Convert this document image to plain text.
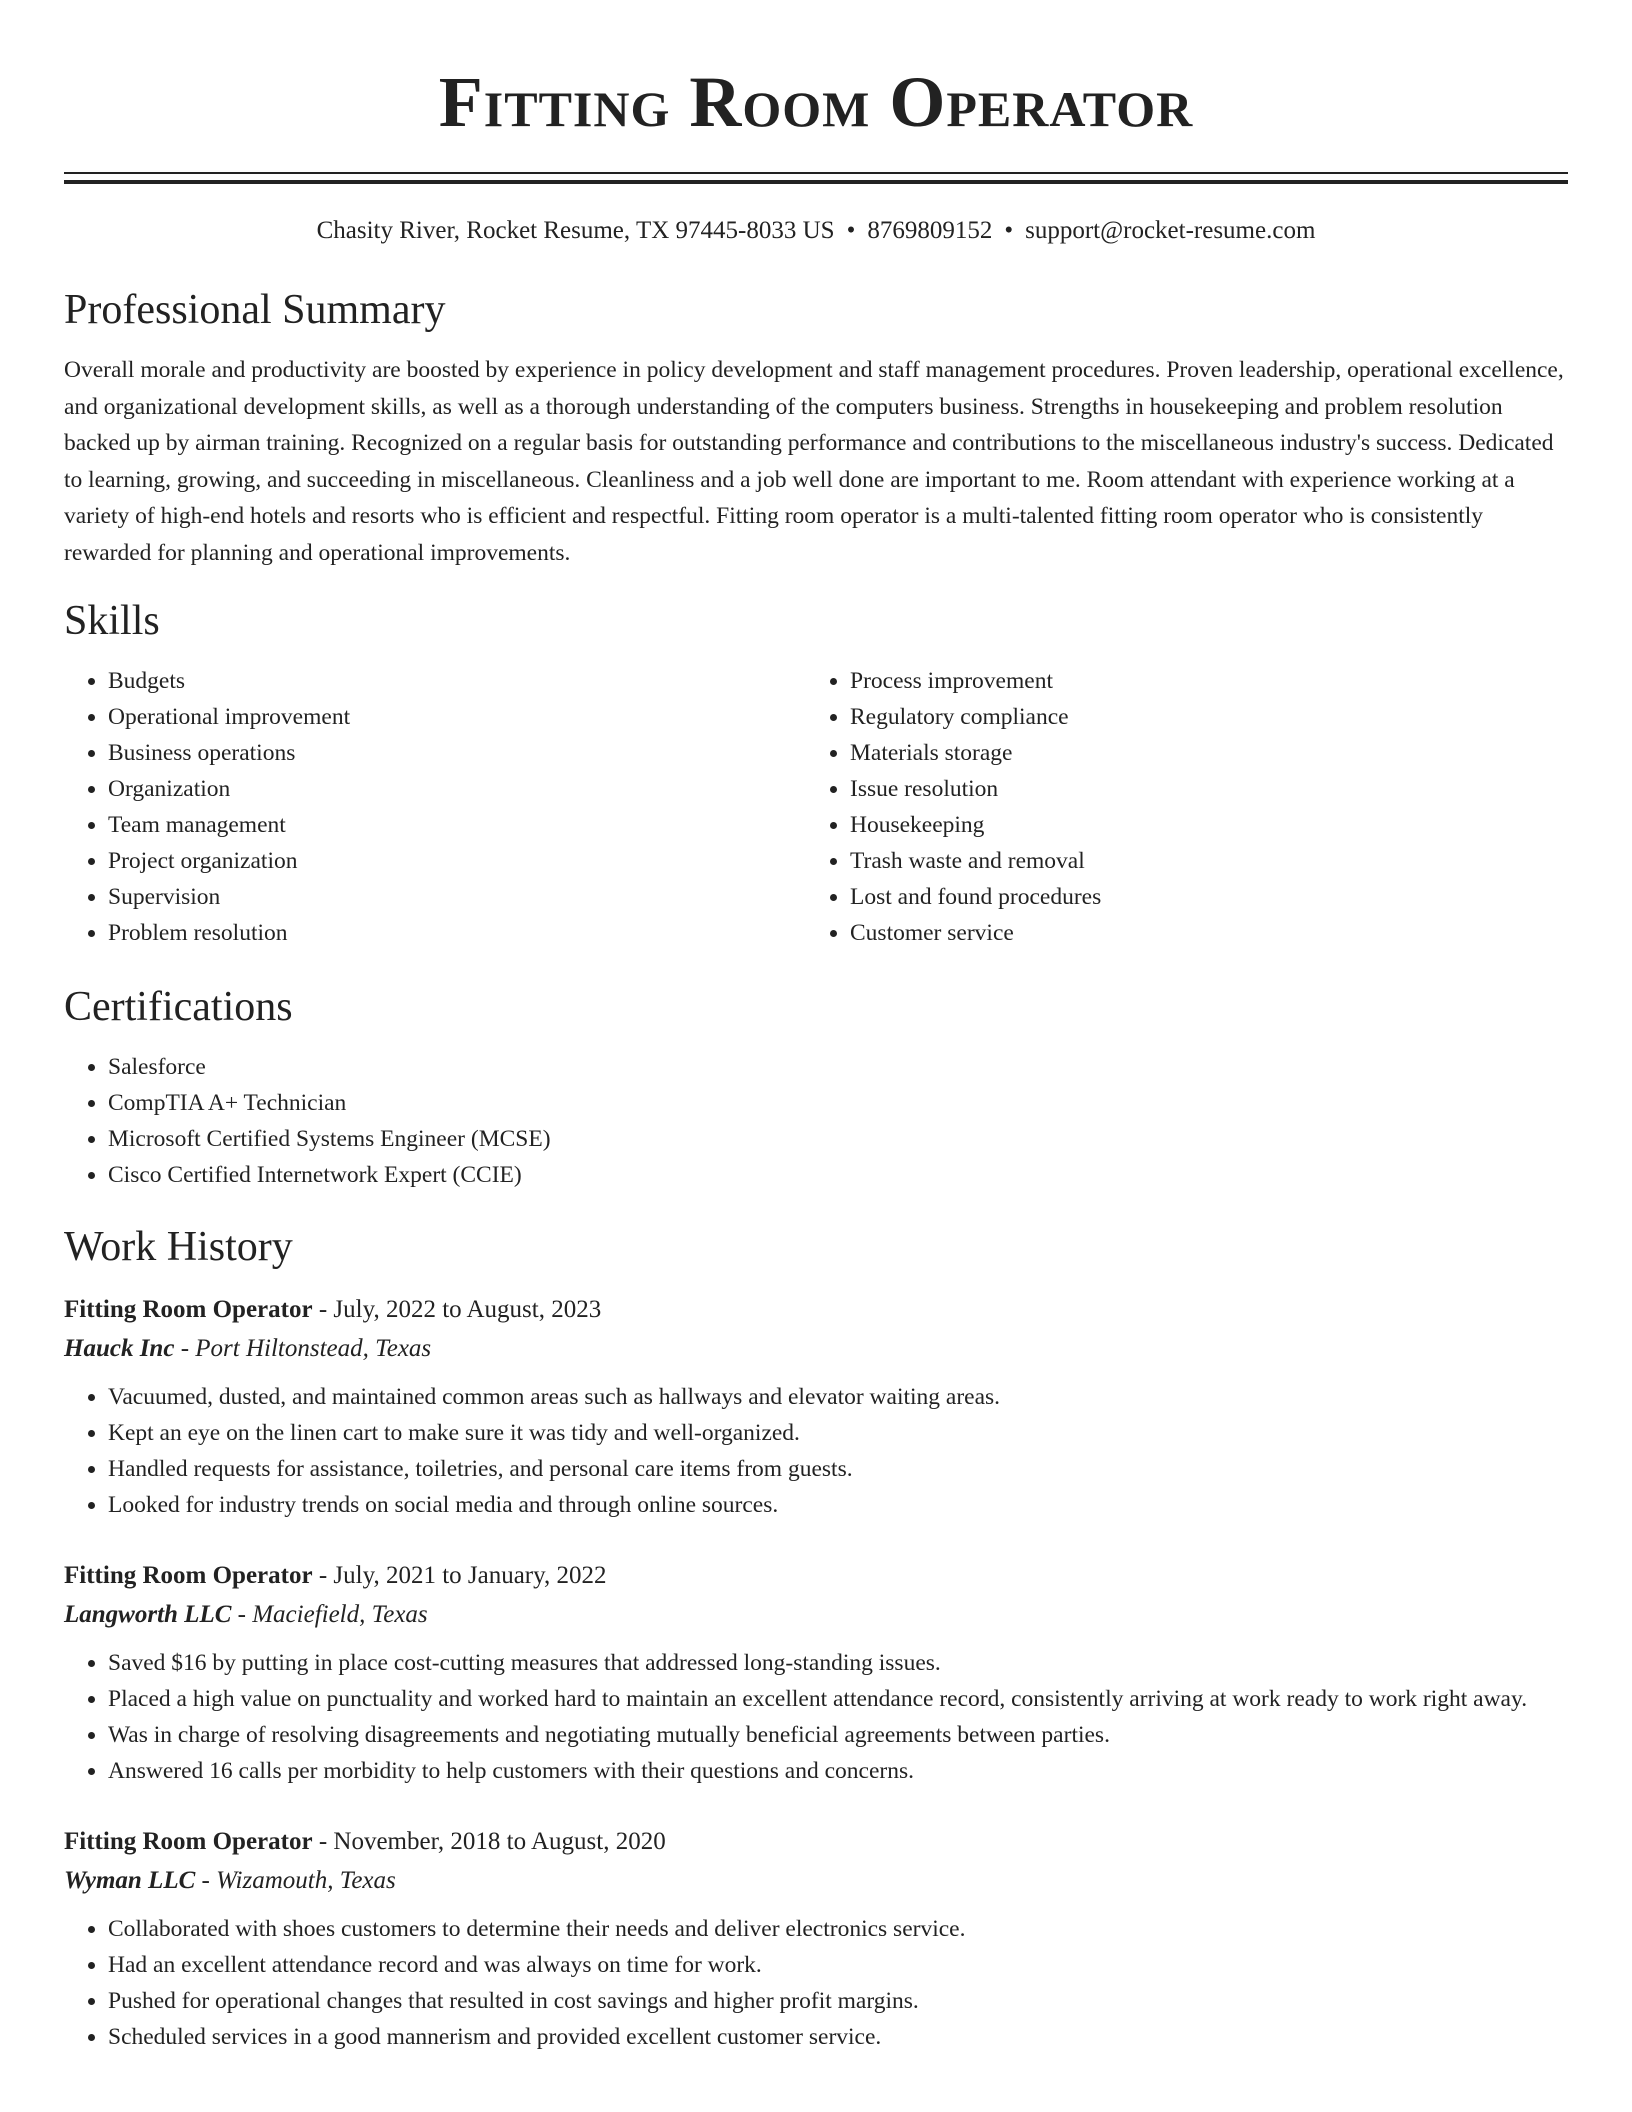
Fitting Room Operator
Chasity River, Rocket Resume, TX 97445-8033 US • 8769809152 • support@rocket-resume.com
Professional Summary

Overall morale and productivity are boosted by experience in policy development and staff management procedures. Proven leadership, operational excellence, and organizational development skills, as well as a thorough understanding of the computers business. Strengths in housekeeping and problem resolution backed up by airman training. Recognized on a regular basis for outstanding performance and contributions to the miscellaneous industry's success. Dedicated to learning, growing, and succeeding in miscellaneous. Cleanliness and a job well done are important to me. Room attendant with experience working at a variety of high-end hotels and resorts who is efficient and respectful. Fitting room operator is a multi-talented fitting room operator who is consistently rewarded for planning and operational improvements.

Skills
• Budgets
• Operational improvement
• Business operations
• Organization
• Team management
• Project organization
• Supervision
• Problem resolution
• Process improvement
• Regulatory compliance
• Materials storage
• Issue resolution
• Housekeeping
• Trash waste and removal
• Lost and found procedures
• Customer service
Certifications
• Salesforce
• CompTIA A+ Technician
• Microsoft Certified Systems Engineer (MCSE)
• Cisco Certified Internetwork Expert (CCIE)
Work History
Fitting Room Operator - July, 2022 to August, 2023
Hauck Inc - Port Hiltonstead, Texas
• Vacuumed, dusted, and maintained common areas such as hallways and elevator waiting areas.
• Kept an eye on the linen cart to make sure it was tidy and well-organized.
• Handled requests for assistance, toiletries, and personal care items from guests.
• Looked for industry trends on social media and through online sources.
Fitting Room Operator - July, 2021 to January, 2022
Langworth LLC - Maciefield, Texas
• Saved $16 by putting in place cost-cutting measures that addressed long-standing issues.
• Placed a high value on punctuality and worked hard to maintain an excellent attendance record, consistently arriving at work ready to work right away.
• Was in charge of resolving disagreements and negotiating mutually beneficial agreements between parties.
• Answered 16 calls per morbidity to help customers with their questions and concerns.
Fitting Room Operator - November, 2018 to August, 2020
Wyman LLC - Wizamouth, Texas
• Collaborated with shoes customers to determine their needs and deliver electronics service.
• Had an excellent attendance record and was always on time for work.
• Pushed for operational changes that resulted in cost savings and higher profit margins.
• Scheduled services in a good mannerism and provided excellent customer service.
